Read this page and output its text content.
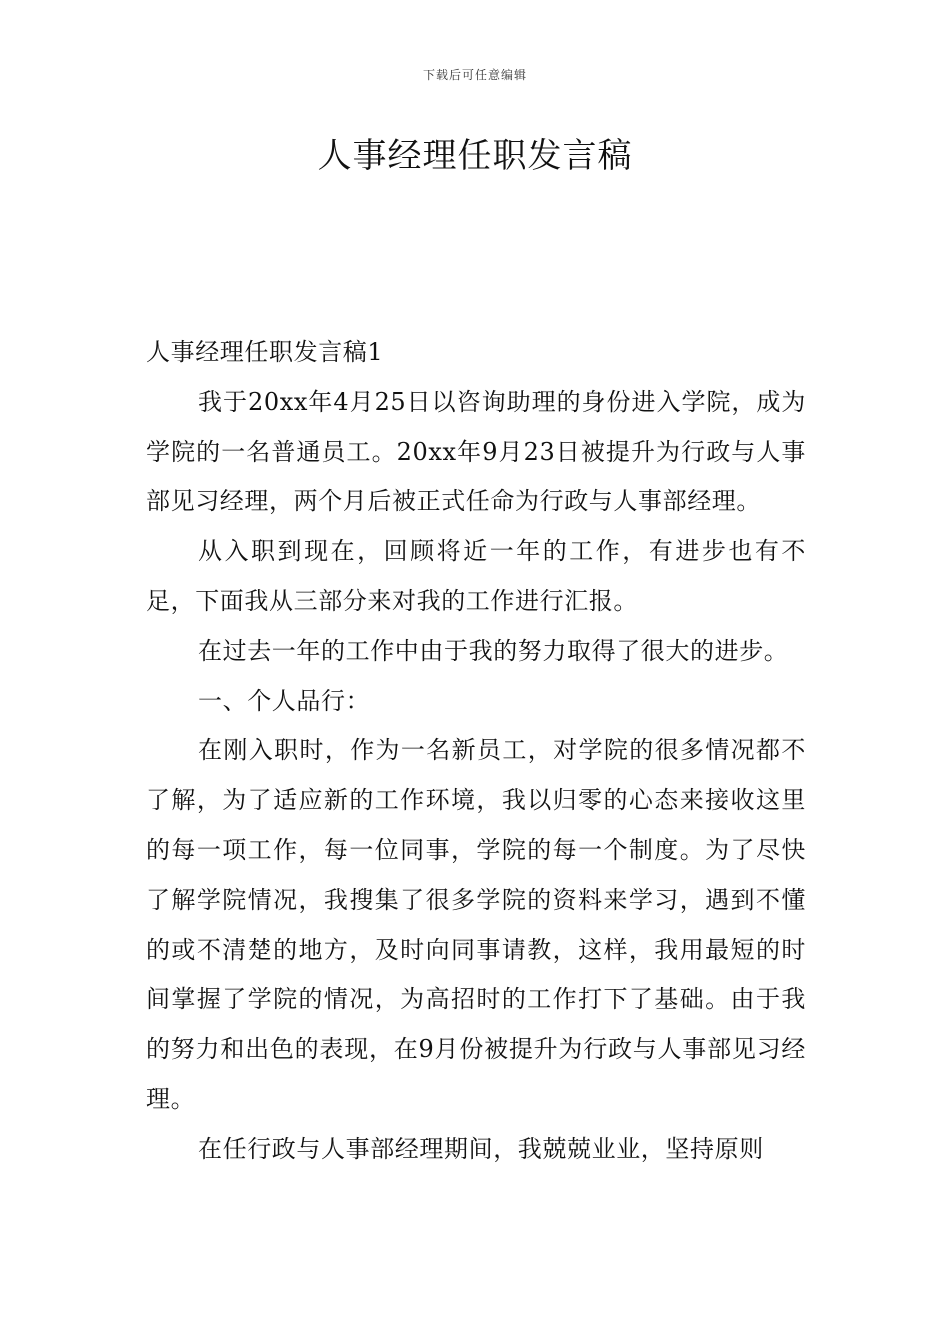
下载后可任意编辑
人事经理任职发言稿

人事经理任职发言稿1

我于20xx年4月25日以咨询助理的身份进入学院，成为学院的一名普通员工。20xx年9月23日被提升为行政与人事部见习经理，两个月后被正式任命为行政与人事部经理。

从入职到现在，回顾将近一年的工作，有进步也有不足，下面我从三部分来对我的工作进行汇报。

在过去一年的工作中由于我的努力取得了很大的进步。

一、个人品行：

在刚入职时，作为一名新员工，对学院的很多情况都不了解，为了适应新的工作环境，我以归零的心态来接收这里的每一项工作，每一位同事，学院的每一个制度。为了尽快了解学院情况，我搜集了很多学院的资料来学习，遇到不懂的或不清楚的地方，及时向同事请教，这样，我用最短的时间掌握了学院的情况，为高招时的工作打下了基础。由于我的努力和出色的表现，在9月份被提升为行政与人事部见习经理。

在任行政与人事部经理期间，我兢兢业业，坚持原则
